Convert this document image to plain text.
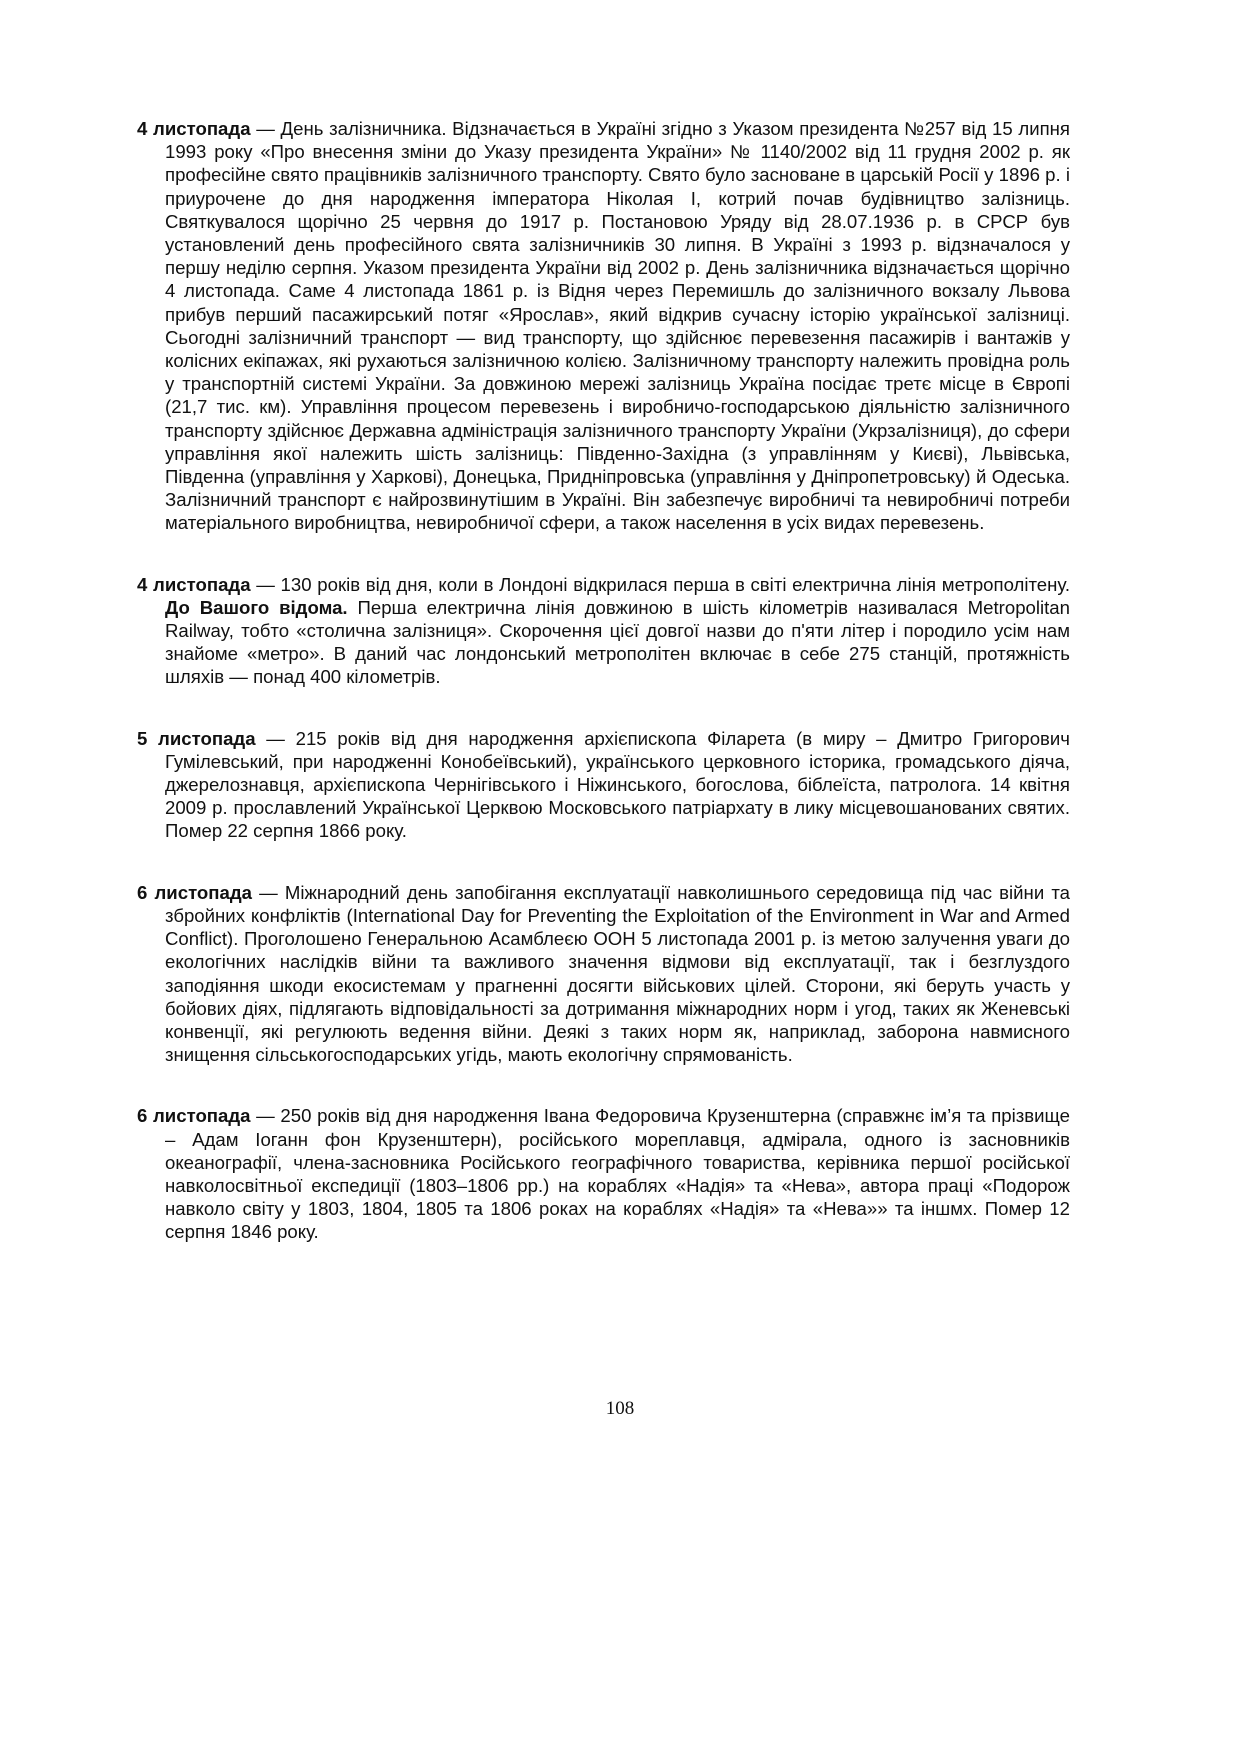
4 листопада — День залізничника. Відзначається в Україні згідно з Указом президента №257 від 15 липня 1993 року «Про внесення зміни до Указу президента України» № 1140/2002 від 11 грудня 2002 р. як професійне свято працівників залізничного транспорту. Свято було засноване в царській Росії у 1896 р. і приурочене до дня народження імператора Ніколая I, котрий почав будівництво залізниць. Святкувалося щорічно 25 червня до 1917 р. Постановою Уряду від 28.07.1936 р. в СРСР був установлений день професійного свята залізничників 30 липня. В Україні з 1993 р. відзначалося у першу неділю серпня. Указом президента України від 2002 р. День залізничника відзначається щорічно 4 листопада. Саме 4 листопада 1861 р. із Відня через Перемишль до залізничного вокзалу Львова прибув перший пасажирський потяг «Ярослав», який відкрив сучасну історію української залізниці. Сьогодні залізничний транспорт — вид транспорту, що здійснює перевезення пасажирів і вантажів у колісних екіпажах, які рухаються залізничною колією. Залізничному транспорту належить провідна роль у транспортній системі України. За довжиною мережі залізниць Україна посідає третє місце в Європі (21,7 тис. км). Управління процесом перевезень і виробничо-господарською діяльністю залізничного транспорту здійснює Державна адміністрація залізничного транспорту України (Укрзалізниця), до сфери управління якої належить шість залізниць: Південно-Західна (з управлінням у Києві), Львівська, Південна (управління у Харкові), Донецька, Придніпровська (управління у Дніпропетровську) й Одеська. Залізничний транспорт є найрозвинутішим в Україні. Він забезпечує виробничі та невиробничі потреби матеріального виробництва, невиробничої сфери, а також населення в усіх видах перевезень.

4 листопада — 130 років від дня, коли в Лондоні відкрилася перша в світі електрична лінія метрополітену. До Вашого відома. Перша електрична лінія довжиною в шість кілометрів називалася Metropolitan Railway, тобто «столична залізниця». Скорочення цієї довгої назви до п'яти літер і породило усім нам знайоме «метро». В даний час лондонський метрополітен включає в себе 275 станцій, протяжність шляхів — понад 400 кілометрів.

5 листопада — 215 років від дня народження архієпископа Філарета (в миру – Дмитро Григорович Гумілевський, при народженні Конобеївський), українського церковного історика, громадського діяча, джерелознавця, архієпископа Чернігівського і Ніжинського, богослова, біблеїста, патролога. 14 квітня 2009 р. прославлений Української Церквою Московського патріархату в лику місцевошанованих святих. Помер 22 серпня 1866 року.

6 листопада — Міжнародний день запобігання експлуатації навколишнього середовища під час війни та збройних конфліктів (International Day for Preventing the Exploitation of the Environment in War and Armed Conflict). Проголошено Генеральною Асамблеєю ООН 5 листопада 2001 р. із метою залучення уваги до екологічних наслідків війни та важливого значення відмови від експлуатації, так і безглуздого заподіяння шкоди екосистемам у прагненні досягти військових цілей. Сторони, які беруть участь у бойових діях, підлягають відповідальності за дотримання міжнародних норм і угод, таких як Женевські конвенції, які регулюють ведення війни. Деякі з таких норм як, наприклад, заборона навмисного знищення сільськогосподарських угідь, мають екологічну спрямованість.

6 листопада — 250 років від дня народження Івана Федоровича Крузенштерна (справжнє ім’я та прізвище – Адам Іоганн фон Крузенштерн), російського мореплавця, адмірала, одного із засновників океанографії, члена-засновника Російського географічного товариства, керівника першої російської навколосвітньої експедиції (1803–1806 рр.) на кораблях «Надія» та «Нева», автора праці «Подорож навколо світу у 1803, 1804, 1805 та 1806 роках на кораблях «Надія» та «Нева»» та іншмх. Помер 12 серпня 1846 року.

108
